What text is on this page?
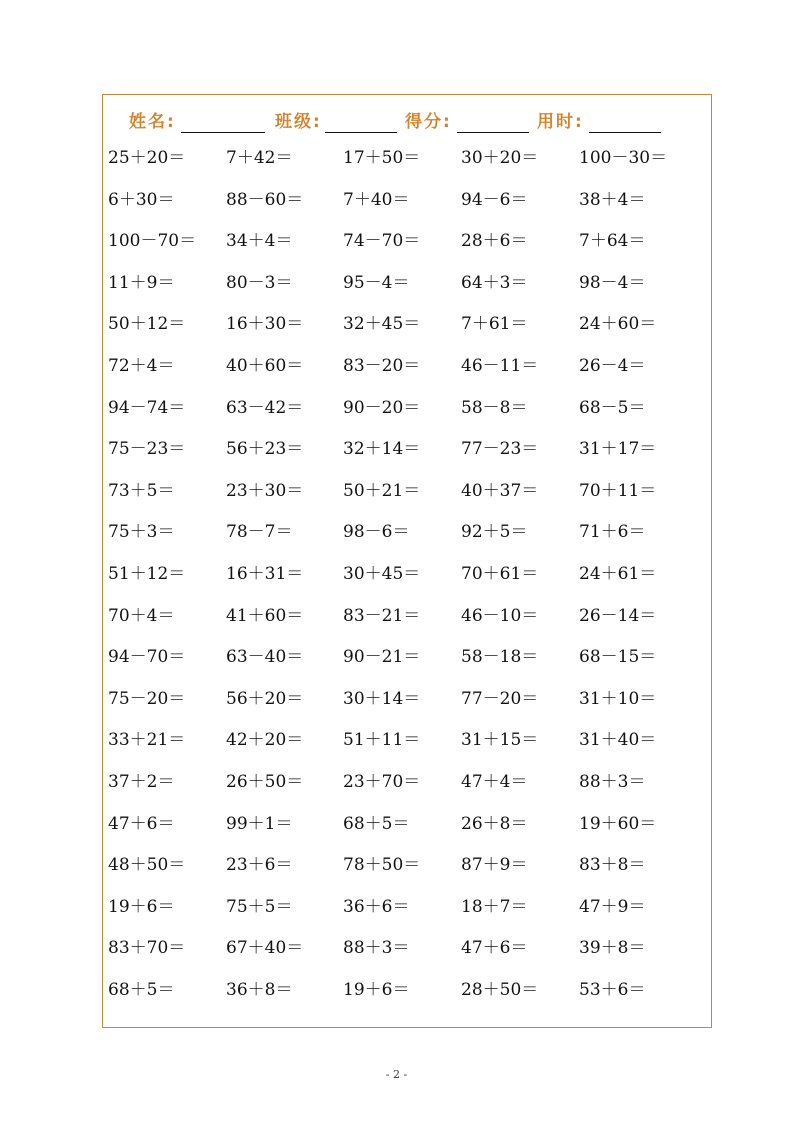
姓名:	班级:	得分:	用时:
25＋20＝ 7＋42＝	17＋50＝ 30＋20＝ 100－30＝
6＋30＝	88－60＝ 7＋40＝	94－6＝	38＋4＝
100－70＝ 34＋4＝	74－70＝ 28＋6＝	7＋64＝
11＋9＝	80－3＝	95－4＝	64＋3＝	98－4＝
50＋12＝ 16＋30＝ 32＋45＝ 7＋61＝	24＋60＝
72＋4＝	40＋60＝ 83－20＝ 46－11＝ 26－4＝
94－74＝ 63－42＝ 90－20＝ 58－8＝	68－5＝
75－23＝ 56＋23＝ 32＋14＝ 77－23＝ 31＋17＝
73＋5＝	23＋30＝ 50＋21＝ 40＋37＝ 70＋11＝
75＋3＝	78－7＝	98－6＝	92＋5＝	71＋6＝
51＋12＝ 16＋31＝ 30＋45＝ 70＋61＝ 24＋61＝
70＋4＝	41＋60＝ 83－21＝ 46－10＝ 26－14＝
94－70＝ 63－40＝ 90－21＝ 58－18＝ 68－15＝
75－20＝ 56＋20＝ 30＋14＝ 77－20＝ 31＋10＝
33＋21＝ 42＋20＝ 51＋11＝ 31＋15＝ 31＋40＝
37＋2＝	26＋50＝ 23＋70＝ 47＋4＝	88＋3＝
47＋6＝	99＋1＝	68＋5＝	26＋8＝	19＋60＝
48＋50＝ 23＋6＝	78＋50＝ 87＋9＝	83＋8＝
19＋6＝	75＋5＝	36＋6＝	18＋7＝	47＋9＝
83＋70＝ 67＋40＝ 88＋3＝	47＋6＝	39＋8＝
68＋5＝	36＋8＝	19＋6＝	28＋50＝ 53＋6＝
- 2 -
